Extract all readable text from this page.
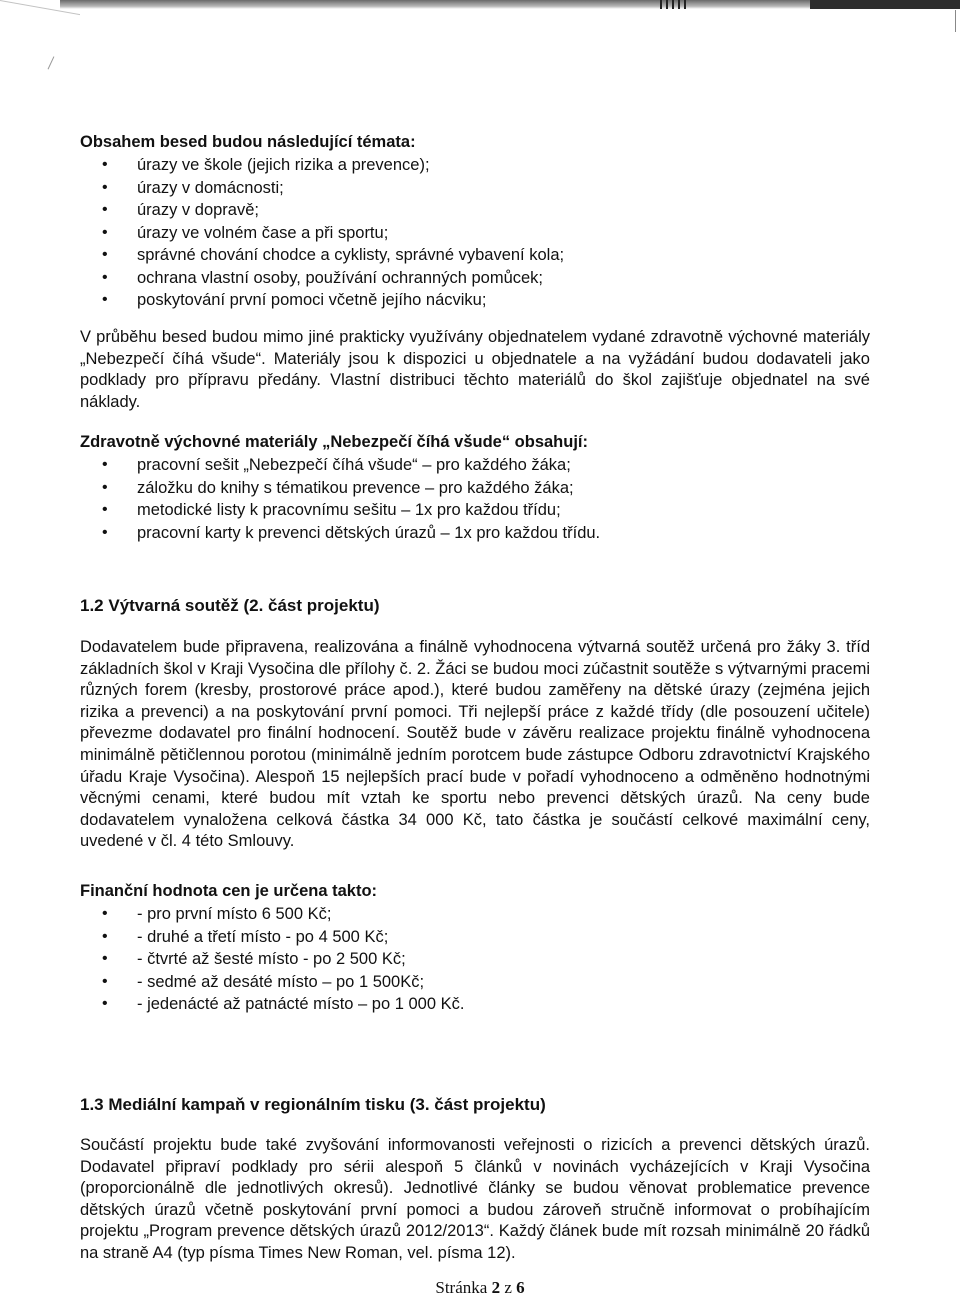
Obsahem besed budou následující témata:
• úrazy ve škole (jejich rizika a prevence);
• úrazy v domácnosti;
• úrazy v dopravě;
• úrazy ve volném čase a při sportu;
• správné chování chodce a cyklisty, správné vybavení kola;
• ochrana vlastní osoby, používání ochranných pomůcek;
• poskytování první pomoci včetně jejího nácviku;

V průběhu besed budou mimo jiné prakticky využívány objednatelem vydané zdravotně výchovné materiály „Nebezpečí číhá všude“. Materiály jsou k dispozici u objednatele a na vyžádání budou dodavateli jako podklady pro přípravu předány. Vlastní distribuci těchto materiálů do škol zajišťuje objednatel na své náklady.

Zdravotně výchovné materiály „Nebezpečí číhá všude“ obsahují:
• pracovní sešit „Nebezpečí číhá všude“ – pro každého žáka;
• záložku do knihy s tématikou prevence – pro každého žáka;
• metodické listy k pracovnímu sešitu – 1x pro každou třídu;
• pracovní karty k prevenci dětských úrazů – 1x pro každou třídu.
1.2 Výtvarná soutěž (2. část projektu)

Dodavatelem bude připravena, realizována a finálně vyhodnocena výtvarná soutěž určená pro žáky 3. tříd základních škol v Kraji Vysočina dle přílohy č. 2. Žáci se budou moci zúčastnit soutěže s výtvarnými pracemi různých forem (kresby, prostorové práce apod.), které budou zaměřeny na dětské úrazy (zejména jejich rizika a prevenci) a na poskytování první pomoci. Tři nejlepší práce z každé třídy (dle posouzení učitele) převezme dodavatel pro finální hodnocení. Soutěž bude v závěru realizace projektu finálně vyhodnocena minimálně pětičlennou porotou (minimálně jedním porotcem bude zástupce Odboru zdravotnictví Krajského úřadu Kraje Vysočina). Alespoň 15 nejlepších prací bude v pořadí vyhodnoceno a odměněno hodnotnými věcnými cenami, které budou mít vztah ke sportu nebo prevenci dětských úrazů. Na ceny bude dodavatelem vynaložena celková částka 34 000 Kč, tato částka je součástí celkové maximální ceny, uvedené v čl. 4 této Smlouvy.

Finanční hodnota cen je určena takto:
• - pro první místo 6 500 Kč;
• - druhé a třetí místo - po 4 500 Kč;
• - čtvrté až šesté místo - po 2 500 Kč;
• - sedmé až desáté místo – po 1 500Kč;
• - jedenácté až patnácté místo – po 1 000 Kč.
1.3 Mediální kampaň v regionálním tisku (3. část projektu)

Součástí projektu bude také zvyšování informovanosti veřejnosti o rizicích a prevenci dětských úrazů. Dodavatel připraví podklady pro sérii alespoň 5 článků v novinách vycházejících v Kraji Vysočina (proporcionálně dle jednotlivých okresů). Jednotlivé články se budou věnovat problematice prevence dětských úrazů včetně poskytování první pomoci a budou zároveň stručně informovat o probíhajícím projektu „Program prevence dětských úrazů 2012/2013“. Každý článek bude mít rozsah minimálně 20 řádků na straně A4 (typ písma Times New Roman, vel. písma 12).

Stránka 2 z 6
